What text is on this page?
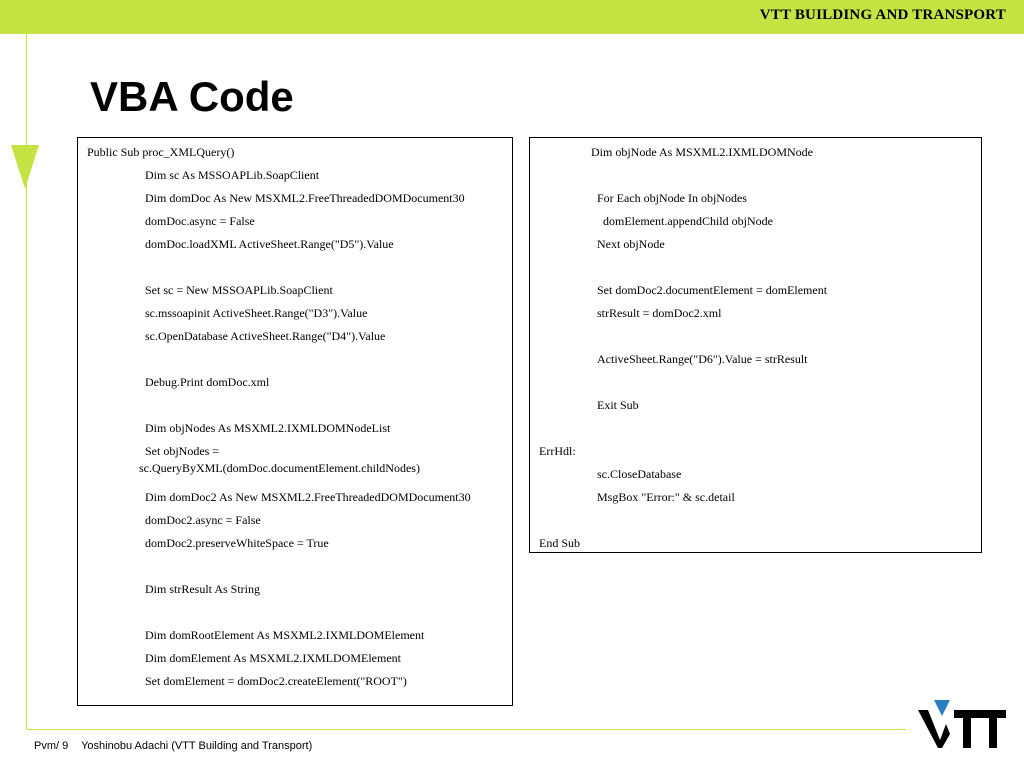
VTT BUILDING AND TRANSPORT
VBA Code
Public Sub proc_XMLQuery()
Dim sc As MSSOAPLib.SoapClient
Dim domDoc As New MSXML2.FreeThreadedDOMDocument30
domDoc.async = False
domDoc.loadXML ActiveSheet.Range("D5").Value
Set sc = New MSSOAPLib.SoapClient
sc.mssoapinit ActiveSheet.Range("D3").Value
sc.OpenDatabase ActiveSheet.Range("D4").Value
Debug.Print domDoc.xml
Dim objNodes As MSXML2.IXMLDOMNodeList
Set objNodes =
sc.QueryByXML(domDoc.documentElement.childNodes)
Dim domDoc2 As New MSXML2.FreeThreadedDOMDocument30
domDoc2.async = False
domDoc2.preserveWhiteSpace = True
Dim strResult As String
Dim domRootElement As MSXML2.IXMLDOMElement
Dim domElement As MSXML2.IXMLDOMElement
Set domElement = domDoc2.createElement("ROOT")
Dim objNode As MSXML2.IXMLDOMNode
For Each objNode In objNodes
domElement.appendChild objNode
Next objNode
Set domDoc2.documentElement = domElement
strResult = domDoc2.xml
ActiveSheet.Range("D6").Value = strResult
Exit Sub
ErrHdl:
sc.CloseDatabase
MsgBox "Error:" & sc.detail
End Sub
Pvm/ 9 Yoshinobu Adachi (VTT Building and Transport)
VTT
